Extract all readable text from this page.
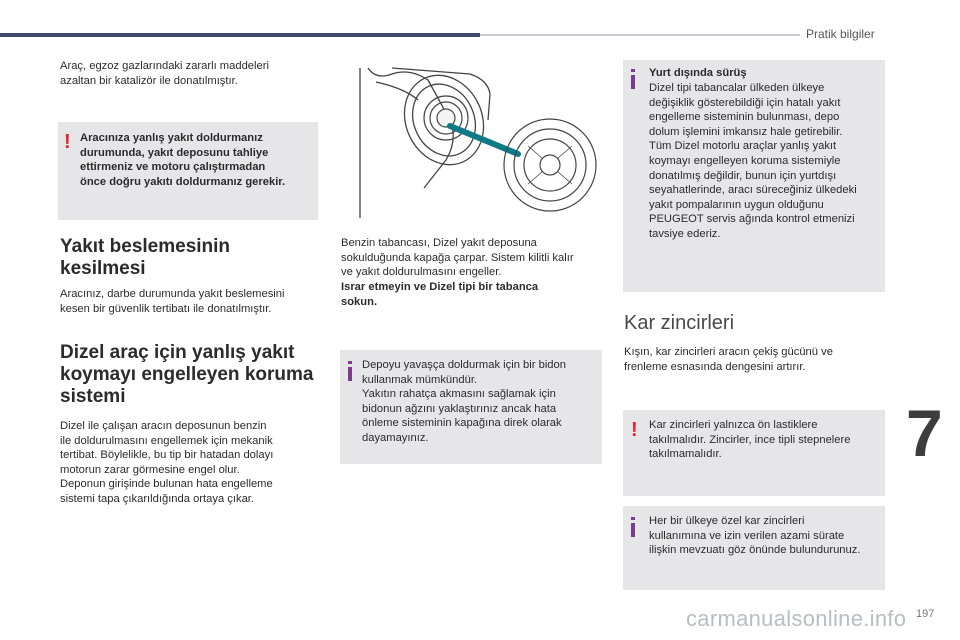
Pratik bilgiler
7

Araç, egzoz gazlarındaki zararlı maddeleri
azaltan bir katalizör ile donatılmıştır.

! Aracınıza yanlış yakıt doldurmanız
durumunda, yakıt deposunu tahliye
ettirmeniz ve motoru çalıştırmadan
önce doğru yakıtı doldurmanız gerekir.
Yakıt beslemesinin
kesilmesi

Aracınız, darbe durumunda yakıt beslemesini
kesen bir güvenlik tertibatı ile donatılmıştır.

Dizel araç için yanlış yakıt
koymayı engelleyen koruma
sistemi

Dizel ile çalışan aracın deposunun benzin
ile doldurulmasını engellemek için mekanik
tertibat. Böylelikle, bu tip bir hatadan dolayı
motorun zarar görmesine engel olur.
Deponun girişinde bulunan hata engelleme
sistemi tapa çıkarıldığında ortaya çıkar.

Benzin tabancası, Dizel yakıt deposuna
sokulduğunda kapağa çarpar. Sistem kilitli kalır
ve yakıt doldurulmasını engeller.

Israr etmeyin ve Dizel tipi bir tabanca
sokun.

Depoyu yavaşça doldurmak için bir bidon
kullanmak mümkündür.
Yakıtın rahatça akmasını sağlamak için
bidonun ağzını yaklaştırınız ancak hata
önleme sisteminin kapağına direk olarak
dayamayınız.
Yurt dışında sürüş
Dizel tipi tabancalar ülkeden ülkeye
değişiklik gösterebildiği için hatalı yakıt
engelleme sisteminin bulunması, depo
dolum işlemini imkansız hale getirebilir.
Tüm Dizel motorlu araçlar yanlış yakıt
koymayı engelleyen koruma sistemiyle
donatılmış değildir, bunun için yurtdışı
seyahatlerinde, aracı süreceğiniz ülkedeki
yakıt pompalarının uygun olduğunu
PEUGEOT servis ağında kontrol etmenizi
tavsiye ederiz.
Kar zincirleri

Kışın, kar zincirleri aracın çekiş gücünü ve
frenleme esnasında dengesini artırır.

! Kar zincirleri yalnızca ön lastiklere
takılmalıdır. Zincirler, ince tipli stepnelere
takılmamalıdır.
Her bir ülkeye özel kar zincirleri
kullanımına ve izin verilen azami sürate
ilişkin mevzuatı göz önünde bulundurunuz.
carmanualsonline.info 197
